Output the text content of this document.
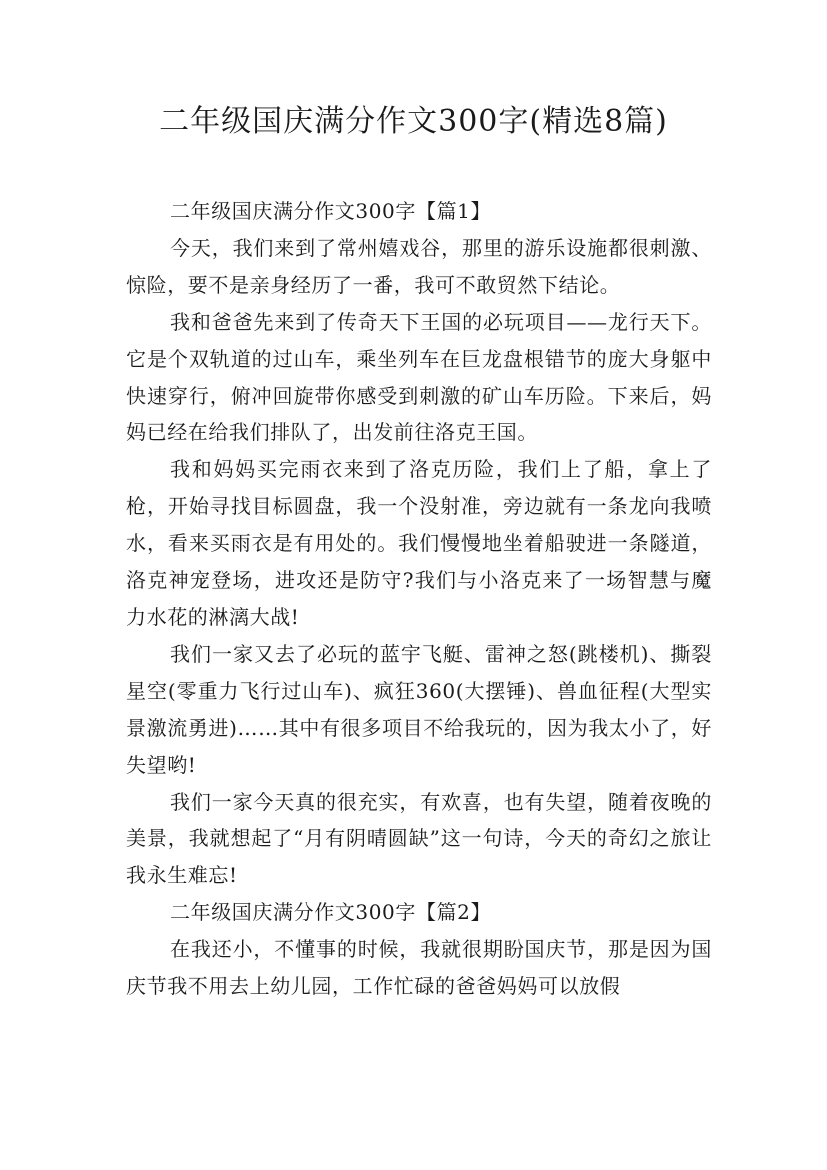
二年级国庆满分作文300字(精选8篇)

二年级国庆满分作文300字【篇1】

今天，我们来到了常州嬉戏谷，那里的游乐设施都很刺激、惊险，要不是亲身经历了一番，我可不敢贸然下结论。

我和爸爸先来到了传奇天下王国的必玩项目——龙行天下。它是个双轨道的过山车，乘坐列车在巨龙盘根错节的庞大身躯中快速穿行，俯冲回旋带你感受到刺激的矿山车历险。下来后，妈妈已经在给我们排队了，出发前往洛克王国。

我和妈妈买完雨衣来到了洛克历险，我们上了船，拿上了枪，开始寻找目标圆盘，我一个没射准，旁边就有一条龙向我喷水，看来买雨衣是有用处的。我们慢慢地坐着船驶进一条隧道，洛克神宠登场，进攻还是防守?我们与小洛克来了一场智慧与魔力水花的淋漓大战!

我们一家又去了必玩的蓝宇飞艇、雷神之怒(跳楼机)、撕裂星空(零重力飞行过山车)、疯狂360(大摆锤)、兽血征程(大型实景激流勇进)……其中有很多项目不给我玩的，因为我太小了，好失望哟!

我们一家今天真的很充实，有欢喜，也有失望，随着夜晚的美景，我就想起了“月有阴晴圆缺”这一句诗，今天的奇幻之旅让我永生难忘!

二年级国庆满分作文300字【篇2】

在我还小，不懂事的时候，我就很期盼国庆节，那是因为国庆节我不用去上幼儿园，工作忙碌的爸爸妈妈可以放假
